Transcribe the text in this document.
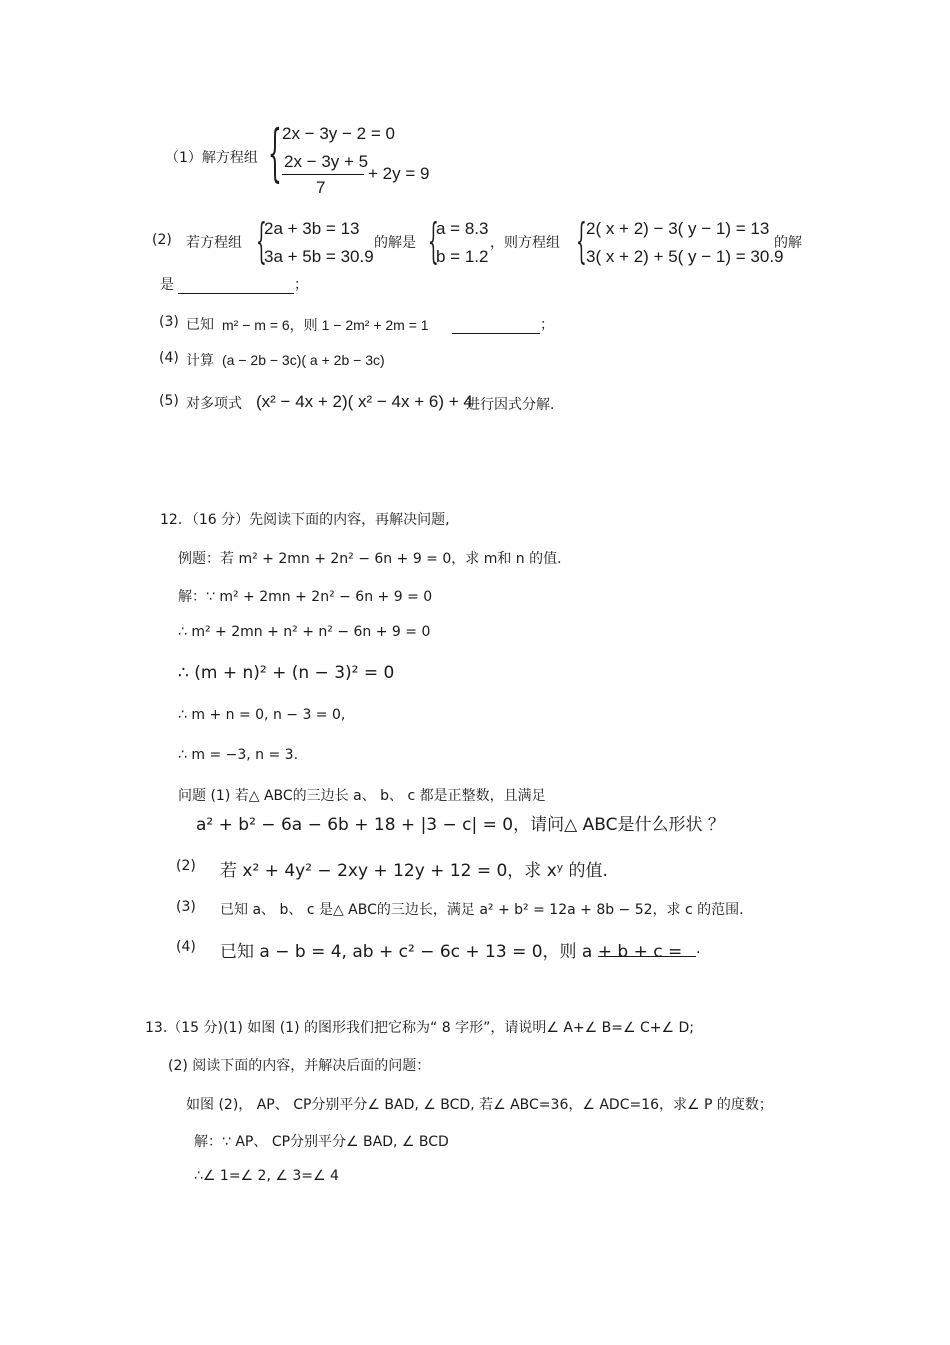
（1）解方程组 { 2x − 3y − 2 = 0
2x − 3y + 5
7
+ 2y = 9
(2) 若方程组 {
2a + 3b = 13
3a + 5b = 30.9
的解是 {
a = 8.3
b = 1.2
，则方程组 { 2( x + 2) − 3( y − 1) = 13
3( x + 2) + 5( y − 1) = 30.9
的解
是	；
(3) 已知 m² − m = 6，则 1 − 2m² + 2m = 1	；
(4) 计算 (a − 2b − 3c)( a + 2b − 3c)
(5) 对多项式 (x² − 4x + 2)( x² − 4x + 6) + 4
进行因式分解.
12．（16 分）先阅读下面的内容，再解决问题,
例题：若 m² + 2mn + 2n² − 6n + 9 = 0，求 m和 n 的值.
解：∵ m² + 2mn + 2n² − 6n + 9 = 0
∴ m² + 2mn + n² + n² − 6n + 9 = 0
∴ (m + n)² + (n − 3)² = 0
∴ m + n = 0, n − 3 = 0,
∴ m = −3, n = 3.
问题 (1) 若△ ABC的三边长 a、 b、 c 都是正整数，且满足
a² + b² − 6a − 6b + 18 + |3 − c| = 0，请问△ ABC是什么形状 ？
(2) 若 x² + 4y² − 2xy + 12y + 12 = 0，求 xʸ 的值.
(3) 已知 a、 b、 c 是△ ABC的三边长，满足 a² + b² = 12a + 8b − 52，求 c 的范围.
(4) 已知 a − b = 4, ab + c² − 6c + 13 = 0，则 a + b + c = .
13.（15 分)(1) 如图 (1) 的图形我们把它称为“ 8 字形”，请说明∠ A+∠ B=∠ C+∠ D;
(2) 阅读下面的内容，并解决后面的问题：
如图 (2)， AP、 CP分别平分∠ BAD, ∠ BCD, 若∠ ABC=36，∠ ADC=16，求∠ P 的度数；
解：∵ AP、 CP分别平分∠ BAD, ∠ BCD
∴∠ 1=∠ 2, ∠ 3=∠ 4
